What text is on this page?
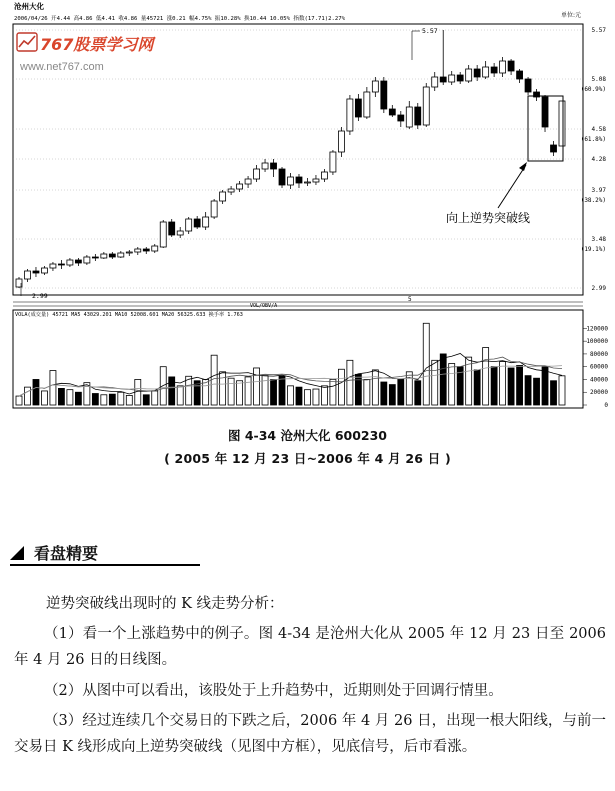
沧州大化
2006/04/26 开4.44 高4.86 低4.41 收4.86 量45721 涨0.21 幅4.75% 振10.28% 换10.44 10.05% 指数(17.71)2.27%	单位:元
767股票学习网
www.net767.com
5.57
5.08
(60.9%)
4.58
(61.8%)
4.28
3.97
(38.2%)
3.48
(19.1%)
2.99
5.57
2.99
向上逆势突破线
5
VOL/OBV/A
VOLA(成交量) 45721 MA5 43029.201 MA10 52008.601 MA20 56325.633 换手率 1.763
120000
100000
80000
60000
40000
20000
0
图 4-34 沧州大化 600230
( 2005 年 12 月 23 日~2006 年 4 月 26 日 )
看盘精要
逆势突破线出现时的 K 线走势分析：
（1）看一个上涨趋势中的例子。图 4-34 是沧州大化从 2005 年 12 月 23 日至 2006 年 4 月 26 日的日线图。
（2）从图中可以看出，该股处于上升趋势中，近期则处于回调行情里。
（3）经过连续几个交易日的下跌之后，2006 年 4 月 26 日，出现一根大阳线，与前一交易日 K 线形成向上逆势突破线（见图中方框），见底信号，后市看涨。
